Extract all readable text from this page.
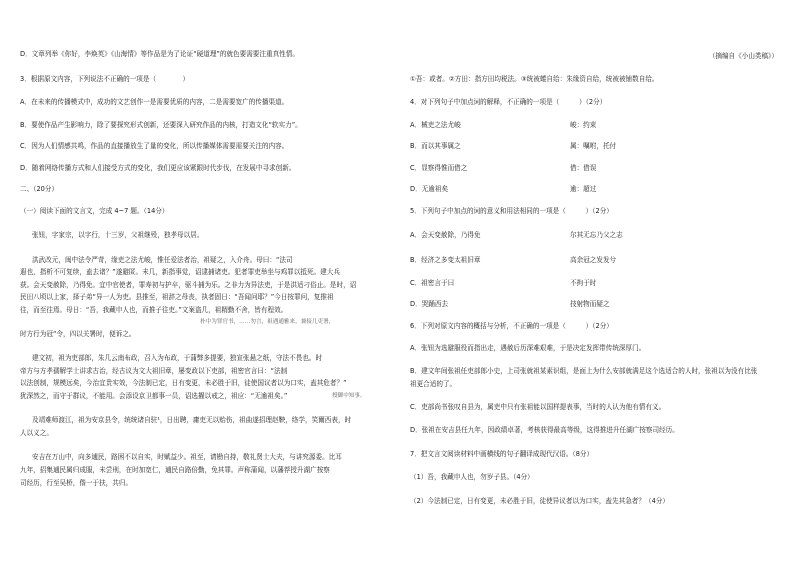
D．文章列举《你好，李焕英》《山海情》等作品是为了论证“硬道理”的就色要需要注重真性情。
3．根据原文内容，下列说法不正确的一项是（　　　　）
A．在未来的传播模式中，成功的文艺创作一是需要优质的内容，二是需要宽广的传播渠道。
B．要使作品产生影响力，除了要探究形式创新，还要深入研究作品的内核，打造文化“软实力”。
C．因为人们情感共鸣，作品的直接播放生了量的变化，所以传播媒体需要需要关注的内容。
D．随着网络传播方式和人们接受方式的变化，我们更应该紧跟时代步伐，在发展中寻求创新。
二、（20分）
（一）阅读下面的文言文，完成 4~7 题。（14分）
张钮，字家宗，以字行，十三岁，父祖继殁，独孝母以居。
洪武改元，闽中法令严苛，缘吏之法尤峻，惟任爱法者治，祖疑之，入介舟。母曰：“法司
遐也，指析不可复续，盍去诸？”遂避匿。未几，新指事觉，诏逮捕诸吏。犯者罪吏举坐与鸡罪以抵死。建大兵
获。会天变赦除，乃得免。宜中官使者，罪寿初与护卒，驱斗捕为乐。之非力为异法吏，于是洪适刁俗止。是时，诏
民田八顷以上家，择子弟“异一人为吏。县推至，祖辞之母丧，执者固日：“吾闻问耶？”今日按罪问，复推祖
往，而至往焉。母日：“吾，我藏申人也，而推子往吏。”文案盗几，祖精勤不舍，皆有程效。
朴中为罪官书，……勿言，祖遇通雅来，兼接几吏署，
时方行为冠“令，四以关署时，便诉之。
建文初，祖为吏部郎，朱几云南布政，召入为布政，于蒲弊多提要，独宣张悬之纸，守法不畏也。时
帝方与方孝孺解学士讲求古治，经古议为文大祖旧章，屡变政以下吏部，祖密官言曰：“法制
以法创制，规模远矣，今治宜贵实效，今法制已定，日有变更，未必胜于旧，徒使国议者以为口实，盍其危者？”
犹深然之，而守于群议，不能用。会添设京卫都事一员，诏选擢以戒之，祖应：“无逾祖矣。”	授御中知事。
及靖难师渡江，祖为安京县令，统统诸自驻¹，日出聘，庸吏无以贻伤，祖曲遂招理赵鞅，络学，笑爾西表，时
人以义之。
安吉在万山中，向多逋民，路困不以自实，时赋益少。祖至，请勘自持，敬礼贤士大夫，与讲究源委。比耳
九年，招集逋民属归成服，未尝刑，在时加宽仁，逋民自路倍勤，免其罪。声称蒲闻，以藩荐授升湖广按察
司经历，行至吴桥，偕一于扶，共归。
（摘编自《小山类稿》）
①吾：或者。②方田：指方田均税法。③统被蜷自给：朱缘资自给，统被被铺数自给。
4．对下列句子中加点词的解释，不正确的一项是（　　　）（2分）
A．械吏之法尤峻	峻：约束
B．而以其事属之	属：嘱咐，托付
C．显察得惟而借之	借：借误
D．无逾祖矣	逾：超过
5．下列句子中加点的词的意义和用法相同的一项是（　　　）（2分）
A．会天变赦除，乃得免	尔其无忘乃父之志
B．经济之多变太祖旧章	高余冠之发发兮
C．祖密言于曰	不拘于时
D．哭踊西去	技射物而疑之
6．下列对原文内容的概括与分析，不正确的一项是（　　　）（2分）
A．张钮为选避服役而指出走，遇赦后历深难艰难，于是决定发挥带传统深厚门。
B．建文年间张祖任吏部郎小史，上司张就祖某素识组，是面上为什么安部就满足这个选适合的人时，张祖以为没有比张
祖更合适的了。
C．吏部尚书张叹自县为，属吏中只有张祖能以国样提表事，当时的人认为他有情有义。
D．张祖在安吉县任九年，因政绩卓著，考核获得最高等级，这得推进升任湖广按察司经历。
7．把文言文阅读材料中画横线的句子翻译成现代汉语。（8分）
（1）吾，我藏申人也，勿岁子县。（4分）
（2）今法制已定，日有变更，未必胜于旧，徒使异议者以为口实，盍先其急者？（4分）
